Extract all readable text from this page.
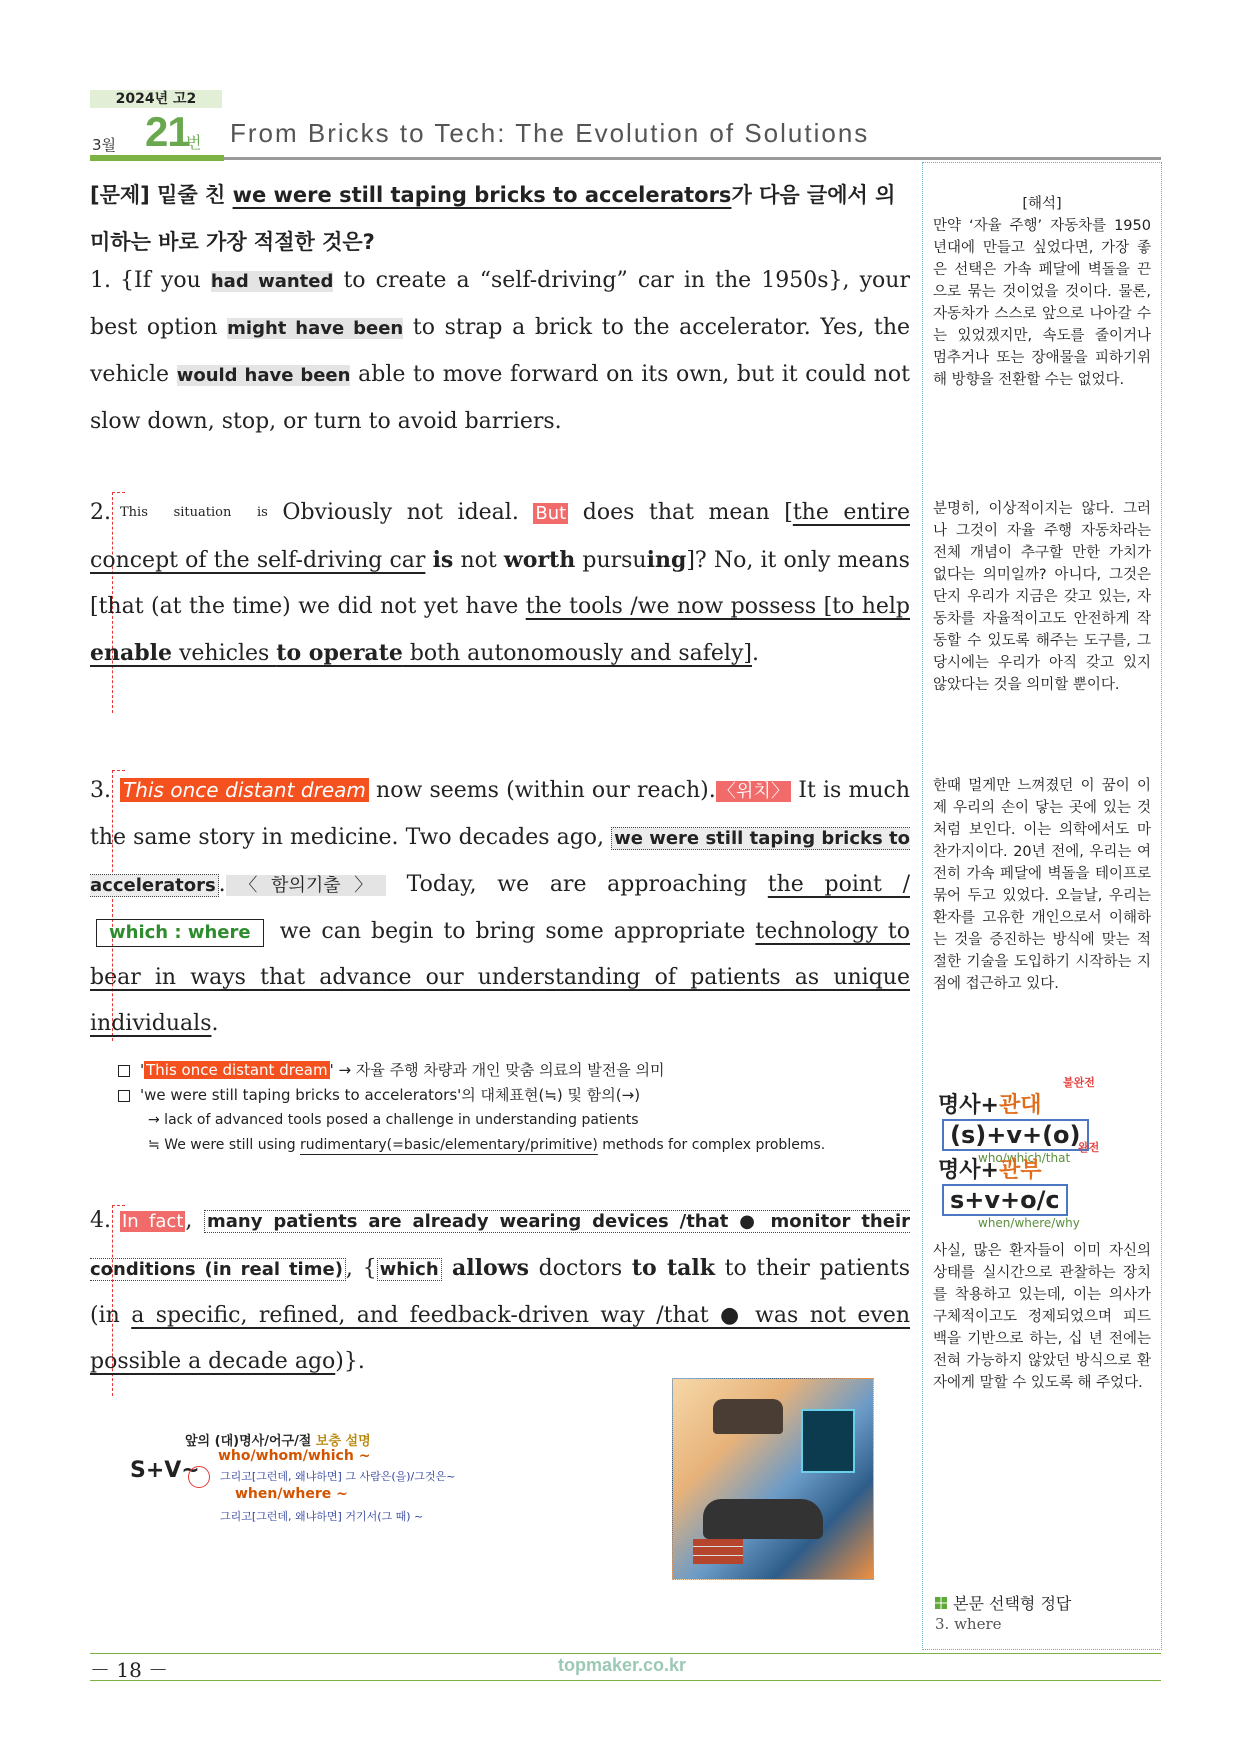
2024년 고2
3월 21
번 From Bricks to Tech: The Evolution of Solutions
[문제] 밑줄 친 we were still taping bricks to accelerators가 다음 글에서 의미하는 바로 가장 적절한 것은?
1. {If you had wanted to create a “self-driving” car in the 1950s}, your best option might have been to strap a brick to the accelerator. Yes, the vehicle would have been able to move forward on its own, but it could not slow down, stop, or turn to avoid barriers.
2. $^{This situation is}$ Obviously not ideal. But does that mean [the entire concept of the self-driving car is not worth pursuing]? No, it only means [that (at the time) we did not yet have the tools /we now possess [to help enable vehicles to operate both autonomously and safely].
3. This once distant dream now seems (within our reach). 〈위치〉 It is much the same story in medicine. Two decades ago, we were still taping bricks to accelerators .〈함의기출〉 Today, we are approaching the point /which : where we can begin to bring some appropriate technology to bear in ways that advance our understanding of patients as unique individuals.
' This once distant dream ' → 자율 주행 차량과 개인 맞춤 의료의 발전을 의미
'we were still taping bricks to accelerators'의 대체표현(≒) 및 함의(→)
→ lack of advanced tools posed a challenge in understanding patients
≒ We were still using rudimentary(=basic/elementary/primitive) methods for complex problems.
4. In fact, many patients are already wearing devices /that ● monitor their conditions (in real time) , { which allows doctors to talk to their patients (in a specific, refined, and feedback-driven way /that ● was not even possible a decade ago)}.
앞의 (대)명사/어구/절 보충 설명
S+V~
who/whom/which ~
그리고[그런데, 왜냐하면] 그 사람은(을)/그것은~
when/where ~
그리고[그런데, 왜냐하면] 거기서(그 때) ~
[해석]
만약 ‘자율 주행’ 자동차를 1950년대에 만들고 싶었다면, 가장 좋은 선택은 가속 페달에 벽돌을 끈으로 묶는 것이었을 것이다. 물론, 자동차가 스스로 앞으로 나아갈 수는 있었겠지만, 속도를 줄이거나 멈추거나 또는 장애물을 피하기위해 방향을 전환할 수는 없었다.
분명히, 이상적이지는 않다. 그러나 그것이 자율 주행 자동차라는 전체 개념이 추구할 만한 가치가 없다는 의미일까? 아니다, 그것은 단지 우리가 지금은 갖고 있는, 자동차를 자율적이고도 안전하게 작동할 수 있도록 해주는 도구를, 그 당시에는 우리가 아직 갖고 있지 않았다는 것을 의미할 뿐이다.
한때 멀게만 느껴졌던 이 꿈이 이제 우리의 손이 닿는 곳에 있는 것처럼 보인다. 이는 의학에서도 마찬가지이다. 20년 전에, 우리는 여전히 가속 페달에 벽돌을 테이프로 묶어 두고 있었다. 오늘날, 우리는 환자를 고유한 개인으로서 이해하는 것을 증진하는 방식에 맞는 적절한 기술을 도입하기 시작하는 지점에 접근하고 있다.
불완전
명사+관대(s)+v+(o)
who/which/that
완전
명사+관부s+v+o/c
when/where/why
사실, 많은 환자들이 이미 자신의 상태를 실시간으로 관찰하는 장치를 착용하고 있는데, 이는 의사가 구체적이고도 정제되었으며 피드백을 기반으로 하는, 십 년 전에는 전혀 가능하지 않았던 방식으로 환자에게 말할 수 있도록 해 주었다.
본문 선택형 정답
3. where
－ 18 －	topmaker.co.kr
